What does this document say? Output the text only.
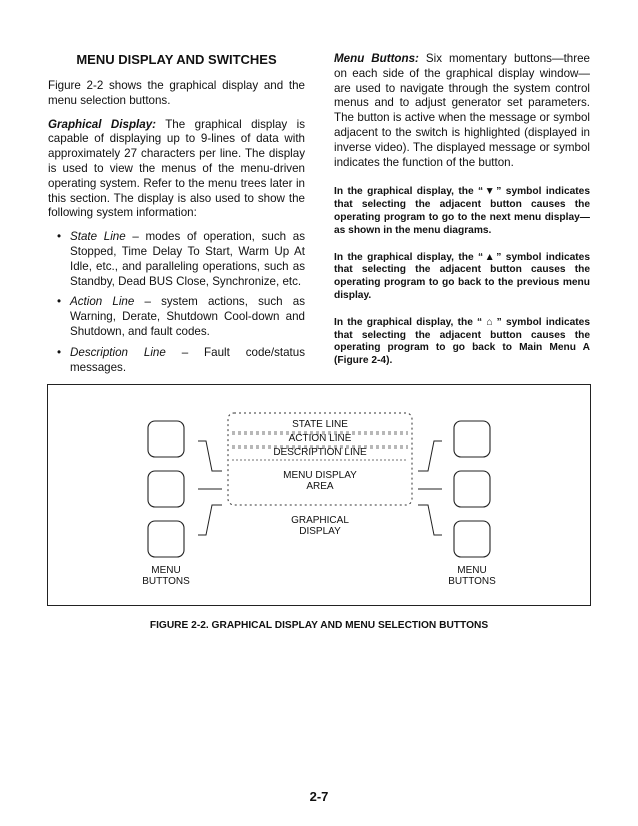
MENU DISPLAY AND SWITCHES

Figure 2-2 shows the graphical display and the menu selection buttons.

Graphical Display: The graphical display is capable of displaying up to 9-lines of data with approximately 27 characters per line. The display is used to view the menus of the menu-driven operating system. Refer to the menu trees later in this section. The display is also used to show the following system information:

• State Line – modes of operation, such as Stopped, Time Delay To Start, Warm Up At Idle, etc., and paralleling operations, such as Standby, Dead BUS Close, Synchronize, etc.
• Action Line – system actions, such as Warning, Derate, Shutdown Cool-down and Shutdown, and fault codes.
• Description Line – Fault code/status messages.

Menu Buttons: Six momentary buttons—three on each side of the graphical display window—are used to navigate through the system control menus and to adjust generator set parameters. The button is active when the message or symbol adjacent to the switch is highlighted (displayed in inverse video). The displayed message or symbol indicates the function of the button.

In the graphical display, the “▼” symbol indicates that selecting the adjacent button causes the operating program to go to the next menu display—as shown in the menu diagrams.

In the graphical display, the “▲” symbol indicates that selecting the adjacent button causes the operating program to go back to the previous menu display.

In the graphical display, the “ ⌂ ” symbol indicates that selecting the adjacent button causes the operating program to go back to Main Menu A (Figure 2-4).

STATE LINE
ACTION LINE
DESCRIPTION LINE
MENU DISPLAY
AREA
GRAPHICAL
DISPLAY
MENU
BUTTONS
MENU
BUTTONS
FIGURE 2-2. GRAPHICAL DISPLAY AND MENU SELECTION BUTTONS
2-7
